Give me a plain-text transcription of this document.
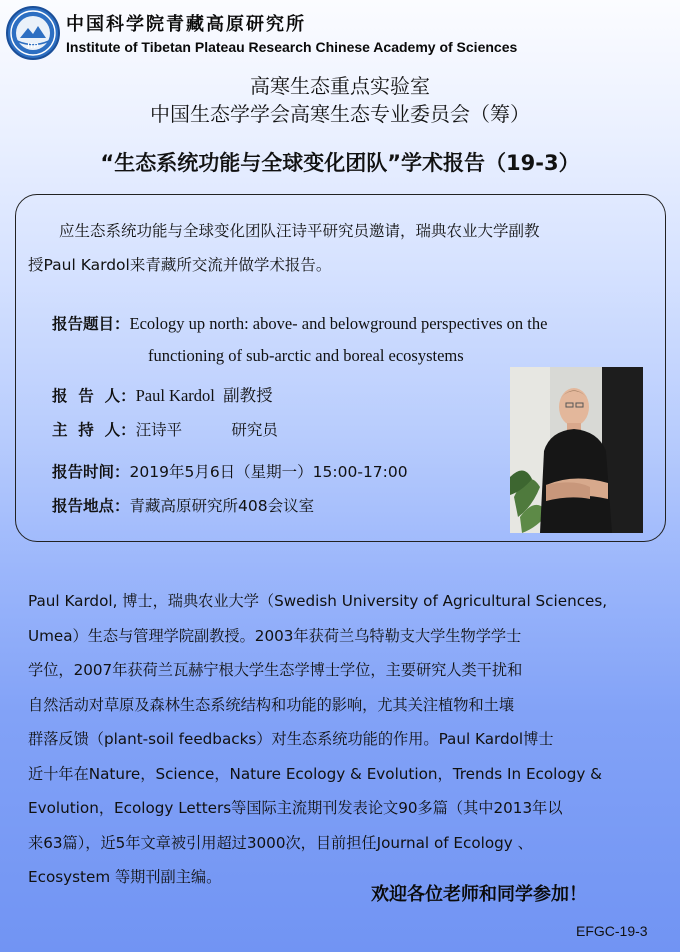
ITP
中国科学院青藏高原研究所
Institute of Tibetan Plateau Research Chinese Academy of Sciences
高寒生态重点实验室
中国生态学学会高寒生态专业委员会（筹）
“生态系统功能与全球变化团队”学术报告（19-3）
应生态系统功能与全球变化团队汪诗平研究员邀请，瑞典农业大学副教
授Paul Kardol来青藏所交流并做学术报告。
报告题目：Ecology up north: above- and belowground perspectives on the
functioning of sub-arctic and boreal ecosystems
报  告  人：Paul Kardol  副教授
主  持  人：汪诗平          研究员
报告时间：2019年5月6日（星期一）15:00-17:00
报告地点：青藏高原研究所408会议室
Paul Kardol, 博士，瑞典农业大学（Swedish University of Agricultural Sciences,
Umea）生态与管理学院副教授。2003年获荷兰乌特勒支大学生物学学士
学位，2007年获荷兰瓦赫宁根大学生态学博士学位，主要研究人类干扰和
自然活动对草原及森林生态系统结构和功能的影响，尤其关注植物和土壤
群落反馈（plant-soil feedbacks）对生态系统功能的作用。Paul Kardol博士
近十年在Nature，Science，Nature Ecology & Evolution，Trends In Ecology &
Evolution，Ecology Letters等国际主流期刊发表论文90多篇（其中2013年以
来63篇），近5年文章被引用超过3000次，目前担任Journal of Ecology 、
Ecosystem 等期刊副主编。
欢迎各位老师和同学参加！
EFGC-19-3
